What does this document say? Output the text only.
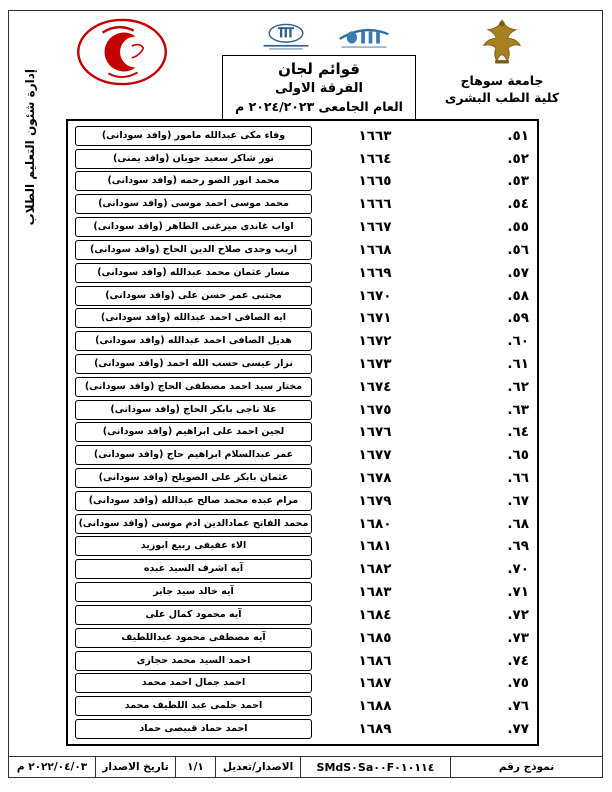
إدارة شئون التعليم الطلاب	قوائم لجان
الفرقة الاولى
العام الجامعى ٢٠٢٤/٢٠٢٣ م
جامعة سوهاج
كلية الطب البشرى
وفاء مكى عبدالله مامور (وافد سودانى)	١٦٦٣	٥١.
نور شاكر سعيد جوبان (وافد يمنى)	١٦٦٤	٥٢.
محمد انور الضو رحمه (وافد سودانى)	١٦٦٥	٥٣.
محمد موسى احمد موسى (وافد سودانى)	١٦٦٦	٥٤.
اواب غاندى ميرغنى الطاهر (وافد سودانى)	١٦٦٧	٥٥.
اريب وجدى صلاح الدين الحاج (وافد سودانى)	١٦٦٨	٥٦.
مسار عثمان محمد عبدالله (وافد سودانى)	١٦٦٩	٥٧.
مجتبى عمر حسن على (وافد سودانى)	١٦٧٠	٥٨.
ايه الصافى احمد عبدالله (وافد سودانى)	١٦٧١	٥٩.
هديل الصافى احمد عبدالله (وافد سودانى)	١٦٧٢	٦٠.
نزار عيسى حسب الله احمد (وافد سودانى)	١٦٧٣	٦١.
مختار سيد احمد مصطفى الحاج (وافد سودانى)	١٦٧٤	٦٢.
علا ناجى بابكر الحاج (وافد سودانى)	١٦٧٥	٦٣.
لجين احمد على ابراهيم (وافد سودانى)	١٦٧٦	٦٤.
عمر عبدالسلام ابراهيم حاج (وافد سودانى)	١٦٧٧	٦٥.
عثمان بابكر على الصويلح (وافد سودانى)	١٦٧٨	٦٦.
مرام عبده محمد صالح عبدالله (وافد سودانى)	١٦٧٩	٦٧.
محمد الفاتح عمادالدين ادم موسى (وافد سودانى)	١٦٨٠	٦٨.
الاء عفيفى ربيع ابوزيد	١٦٨١	٦٩.
آيه اشرف السيد عبده	١٦٨٢	٧٠.
آيه خالد سيد جابر	١٦٨٣	٧١.
آيه محمود كمال على	١٦٨٤	٧٢.
آيه مصطفى محمود عبداللطيف	١٦٨٥	٧٣.
احمد السيد محمد حجازى	١٦٨٦	٧٤.
احمد جمال احمد محمد	١٦٨٧	٧٥.
احمد حلمى عبد اللطيف محمد	١٦٨٨	٧٦.
احمد حماد قبيصى حماد	١٦٨٩	٧٧.
نموذج رقم
SMdS٠Sa٠٠F٠١٠١١٤
الاصدار/تعديل
١/١
تاريخ الاصدار
٢٠٢٢/٠٤/٠٣ م
